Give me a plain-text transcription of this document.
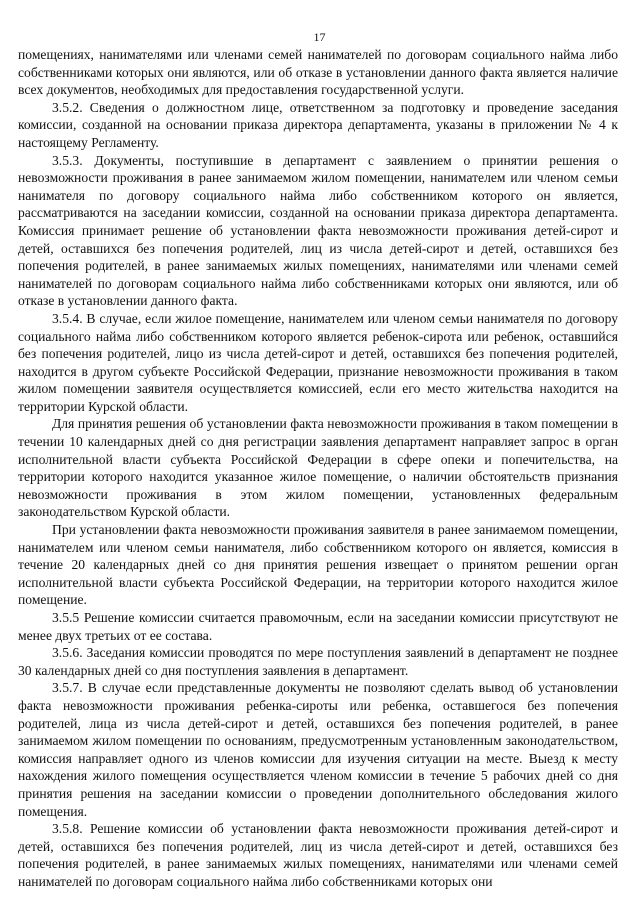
17

помещениях, нанимателями или членами семей нанимателей по договорам социального найма либо собственниками которых они являются, или об отказе в установлении данного факта является наличие всех документов, необходимых для предоставления государственной услуги.

3.5.2. Сведения о должностном лице, ответственном за подготовку и проведение заседания комиссии, созданной на основании приказа директора департамента, указаны в приложении № 4 к настоящему Регламенту.

3.5.3. Документы, поступившие в департамент с заявлением о принятии решения о невозможности проживания в ранее занимаемом жилом помещении, нанимателем или членом семьи нанимателя по договору социального найма либо собственником которого он является, рассматриваются на заседании комиссии, созданной на основании приказа директора департамента. Комиссия принимает решение об установлении факта невозможности проживания детей-сирот и детей, оставшихся без попечения родителей, лиц из числа детей-сирот и детей, оставшихся без попечения родителей, в ранее занимаемых жилых помещениях, нанимателями или членами семей нанимателей по договорам социального найма либо собственниками которых они являются, или об отказе в установлении данного факта.

3.5.4. В случае, если жилое помещение, нанимателем или членом семьи нанимателя по договору социального найма либо собственником которого является ребенок-сирота или ребенок, оставшийся без попечения родителей, лицо из числа детей-сирот и детей, оставшихся без попечения родителей, находится в другом субъекте Российской Федерации, признание невозможности проживания в таком жилом помещении заявителя осуществляется комиссией, если его место жительства находится на территории Курской области.

Для принятия решения об установлении факта невозможности проживания в таком помещении в течении 10 календарных дней со дня регистрации заявления департамент направляет запрос в орган исполнительной власти субъекта Российской Федерации в сфере опеки и попечительства, на территории которого находится указанное жилое помещение, о наличии обстоятельств признания невозможности проживания в этом жилом помещении, установленных федеральным законодательством Курской области.

При установлении факта невозможности проживания заявителя в ранее занимаемом помещении, нанимателем или членом семьи нанимателя, либо собственником которого он является, комиссия в течение 20 календарных дней со дня принятия решения извещает о принятом решении орган исполнительной власти субъекта Российской Федерации, на территории которого находится жилое помещение.

3.5.5 Решение комиссии считается правомочным, если на заседании комиссии присутствуют не менее двух третьих от ее состава.

3.5.6. Заседания комиссии проводятся по мере поступления заявлений в департамент не позднее 30 календарных дней со дня поступления заявления в департамент.

3.5.7. В случае если представленные документы не позволяют сделать вывод об установлении факта невозможности проживания ребенка-сироты или ребенка, оставшегося без попечения родителей, лица из числа детей-сирот и детей, оставшихся без попечения родителей, в ранее занимаемом жилом помещении по основаниям, предусмотренным установленным законодательством, комиссия направляет одного из членов комиссии для изучения ситуации на месте. Выезд к месту нахождения жилого помещения осуществляется членом комиссии в течение 5 рабочих дней со дня принятия решения на заседании комиссии о проведении дополнительного обследования жилого помещения.

3.5.8. Решение комиссии об установлении факта невозможности проживания детей-сирот и детей, оставшихся без попечения родителей, лиц из числа детей-сирот и детей, оставшихся без попечения родителей, в ранее занимаемых жилых помещениях, нанимателями или членами семей нанимателей по договорам социального найма либо собственниками которых они
